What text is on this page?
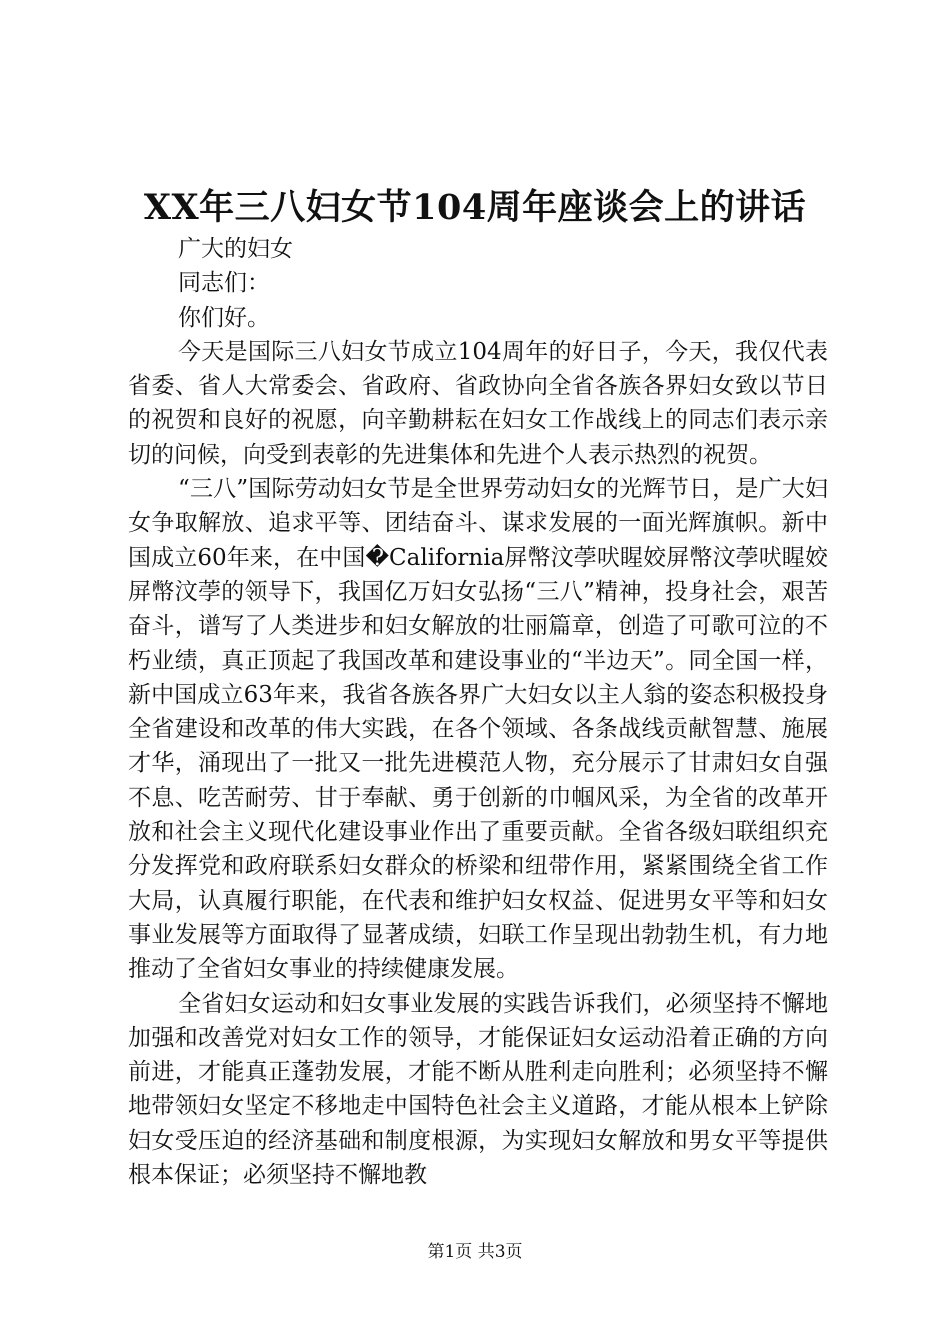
XX年三八妇女节104周年座谈会上的讲话

广大的妇女

同志们：

你们好。

今天是国际三八妇女节成立104周年的好日子，今天，我仅代表省委、省人大常委会、省政府、省政协向全省各族各界妇女致以节日的祝贺和良好的祝愿，向辛勤耕耘在妇女工作战线上的同志们表示亲切的问候，向受到表彰的先进集体和先进个人表示热烈的祝贺。

“三八”国际劳动妇女节是全世界劳动妇女的光辉节日，是广大妇女争取解放、追求平等、团结奋斗、谋求发展的一面光辉旗帜。新中国成立60年来，在中国�California屏幣汶荸吠睲姣屏幣汶荸吠睲姣屏幣汶荸的领导下，我国亿万妇女弘扬“三八”精神，投身社会，艰苦奋斗，谱写了人类进步和妇女解放的壮丽篇章，创造了可歌可泣的不朽业绩，真正顶起了我国改革和建设事业的“半边天”。同全国一样，新中国成立63年来，我省各族各界广大妇女以主人翁的姿态积极投身全省建设和改革的伟大实践，在各个领域、各条战线贡献智慧、施展才华，涌现出了一批又一批先进模范人物，充分展示了甘肃妇女自强不息、吃苦耐劳、甘于奉献、勇于创新的巾帼风采，为全省的改革开放和社会主义现代化建设事业作出了重要贡献。全省各级妇联组织充分发挥党和政府联系妇女群众的桥梁和纽带作用，紧紧围绕全省工作大局，认真履行职能，在代表和维护妇女权益、促进男女平等和妇女事业发展等方面取得了显著成绩，妇联工作呈现出勃勃生机，有力地推动了全省妇女事业的持续健康发展。

全省妇女运动和妇女事业发展的实践告诉我们，必须坚持不懈地加强和改善党对妇女工作的领导，才能保证妇女运动沿着正确的方向前进，才能真正蓬勃发展，才能不断从胜利走向胜利；必须坚持不懈地带领妇女坚定不移地走中国特色社会主义道路，才能从根本上铲除妇女受压迫的经济基础和制度根源，为实现妇女解放和男女平等提供根本保证；必须坚持不懈地教

第1页 共3页
